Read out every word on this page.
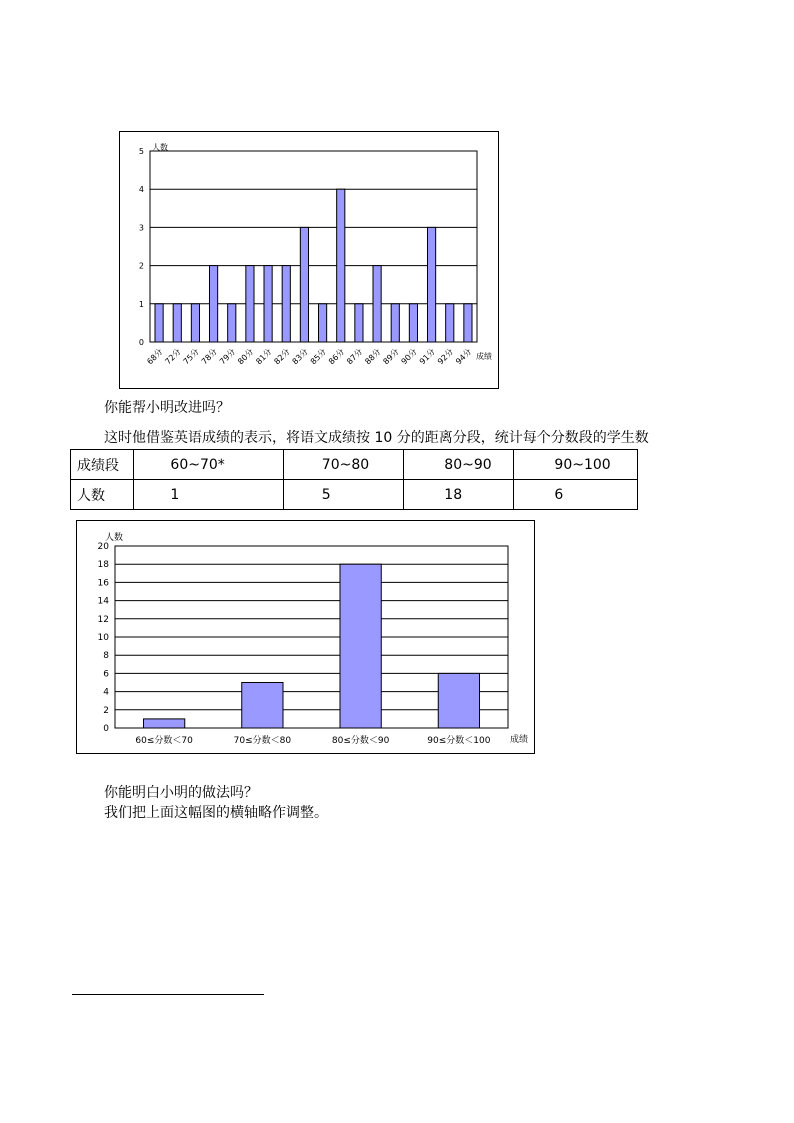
0
1
2
3
4
5
68分
72分
75分
78分
79分
80分
81分
82分
83分
85分
86分
87分
88分
89分
90分
91分
92分
94分
人数
成绩
你能帮小明改进吗？
这时他借鉴英语成绩的表示，将语文成绩按 10 分的距离分段，统计每个分数段的学生数
成绩段	60~70*	70~80	80~90	90~100
人数	1	5	18	6
0
2
4
6
8
10
12
14
16
18
20
60≤分数＜70	70≤分数＜80	80≤分数＜90	90≤分数＜100
人数
成绩
你能明白小明的做法吗？
我们把上面这幅图的横轴略作调整。
